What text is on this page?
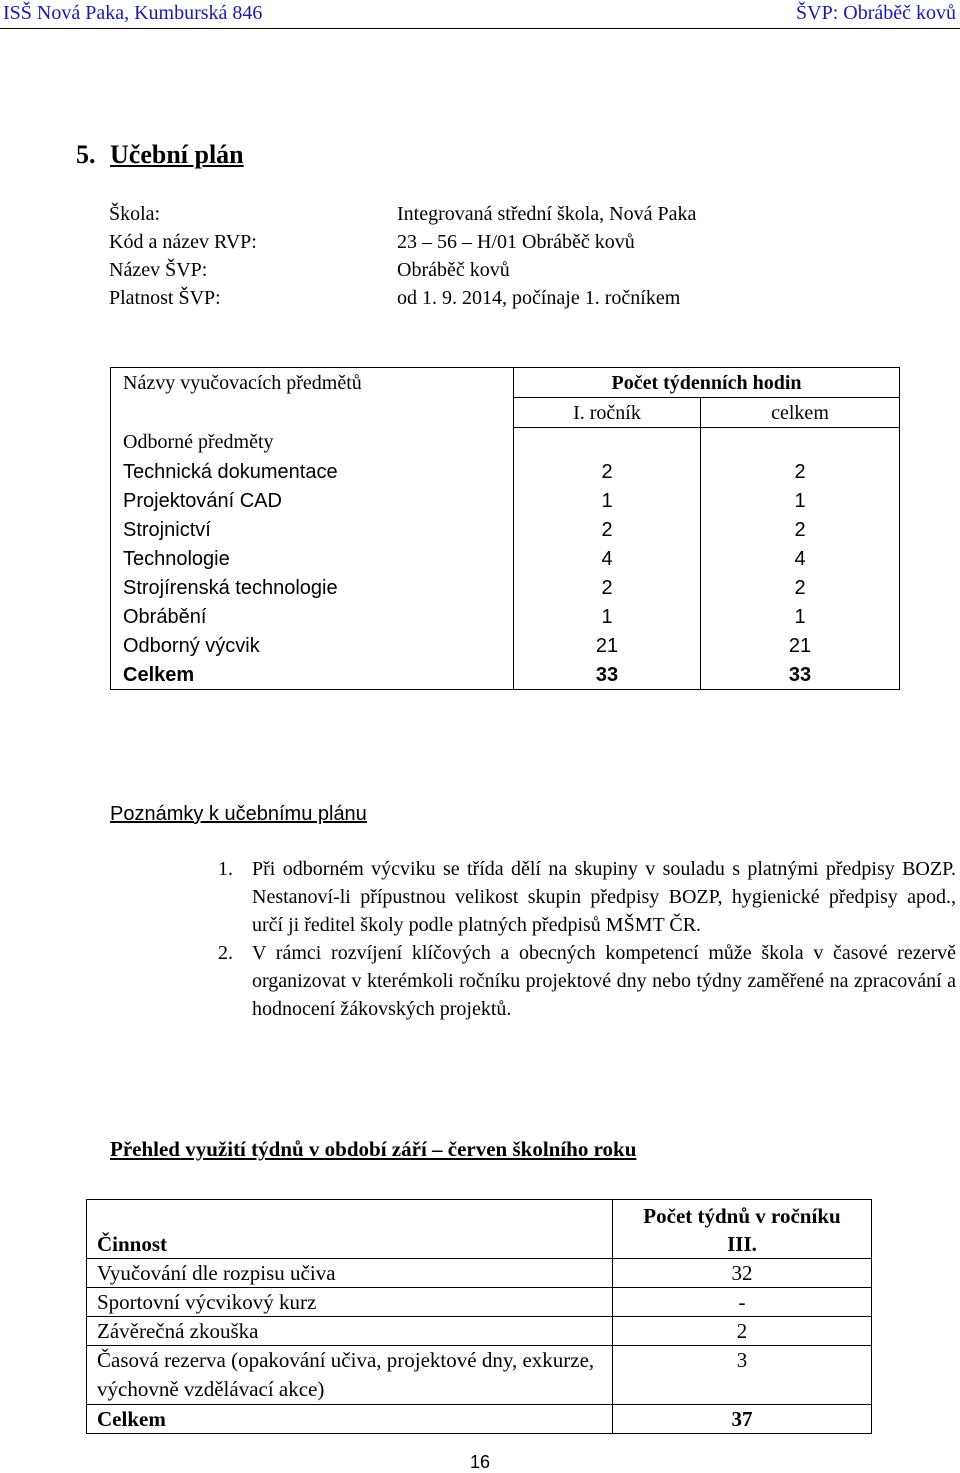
ISŠ Nová Paka, Kumburská 846	ŠVP: Obráběč kovů
5. Učební plán
Škola:	Integrovaná střední škola, Nová Paka
Kód a název RVP:	23 – 56 – H/01 Obráběč kovů
Název ŠVP:	Obráběč kovů
Platnost ŠVP:	od 1. 9. 2014, počínaje 1. ročníkem
Názvy vyučovacích předmětů	Počet týdenních hodin	
	I. ročník	celkem
Odborné předměty		
Technická dokumentace	2	2
Projektování CAD	1	1
Strojnictví	2	2
Technologie	4	4
Strojírenská technologie	2	2
Obrábění	1	1
Odborný výcvik	21	21
Celkem	33	33
Poznámky k učebnímu plánu
1. Při odborném výcviku se třída dělí na skupiny v souladu s platnými předpisy BOZP. Nestanoví-li přípustnou velikost skupin předpisy BOZP, hygienické předpisy apod., určí ji ředitel školy podle platných předpisů MŠMT ČR.
2. V rámci rozvíjení klíčových a obecných kompetencí může škola v časové rezervě organizovat v kterémkoli ročníku projektové dny nebo týdny zaměřené na zpracování a hodnocení žákovských projektů.
Přehled využití týdnů v období září – červen školního roku
	Počet týdnů v ročníku
Činnost	III.
Vyučování dle rozpisu učiva	32
Sportovní výcvikový kurz	-
Závěrečná zkouška	2
Časová rezerva (opakování učiva, projektové dny, exkurze, výchovně vzdělávací akce)	3
Celkem	37
16
